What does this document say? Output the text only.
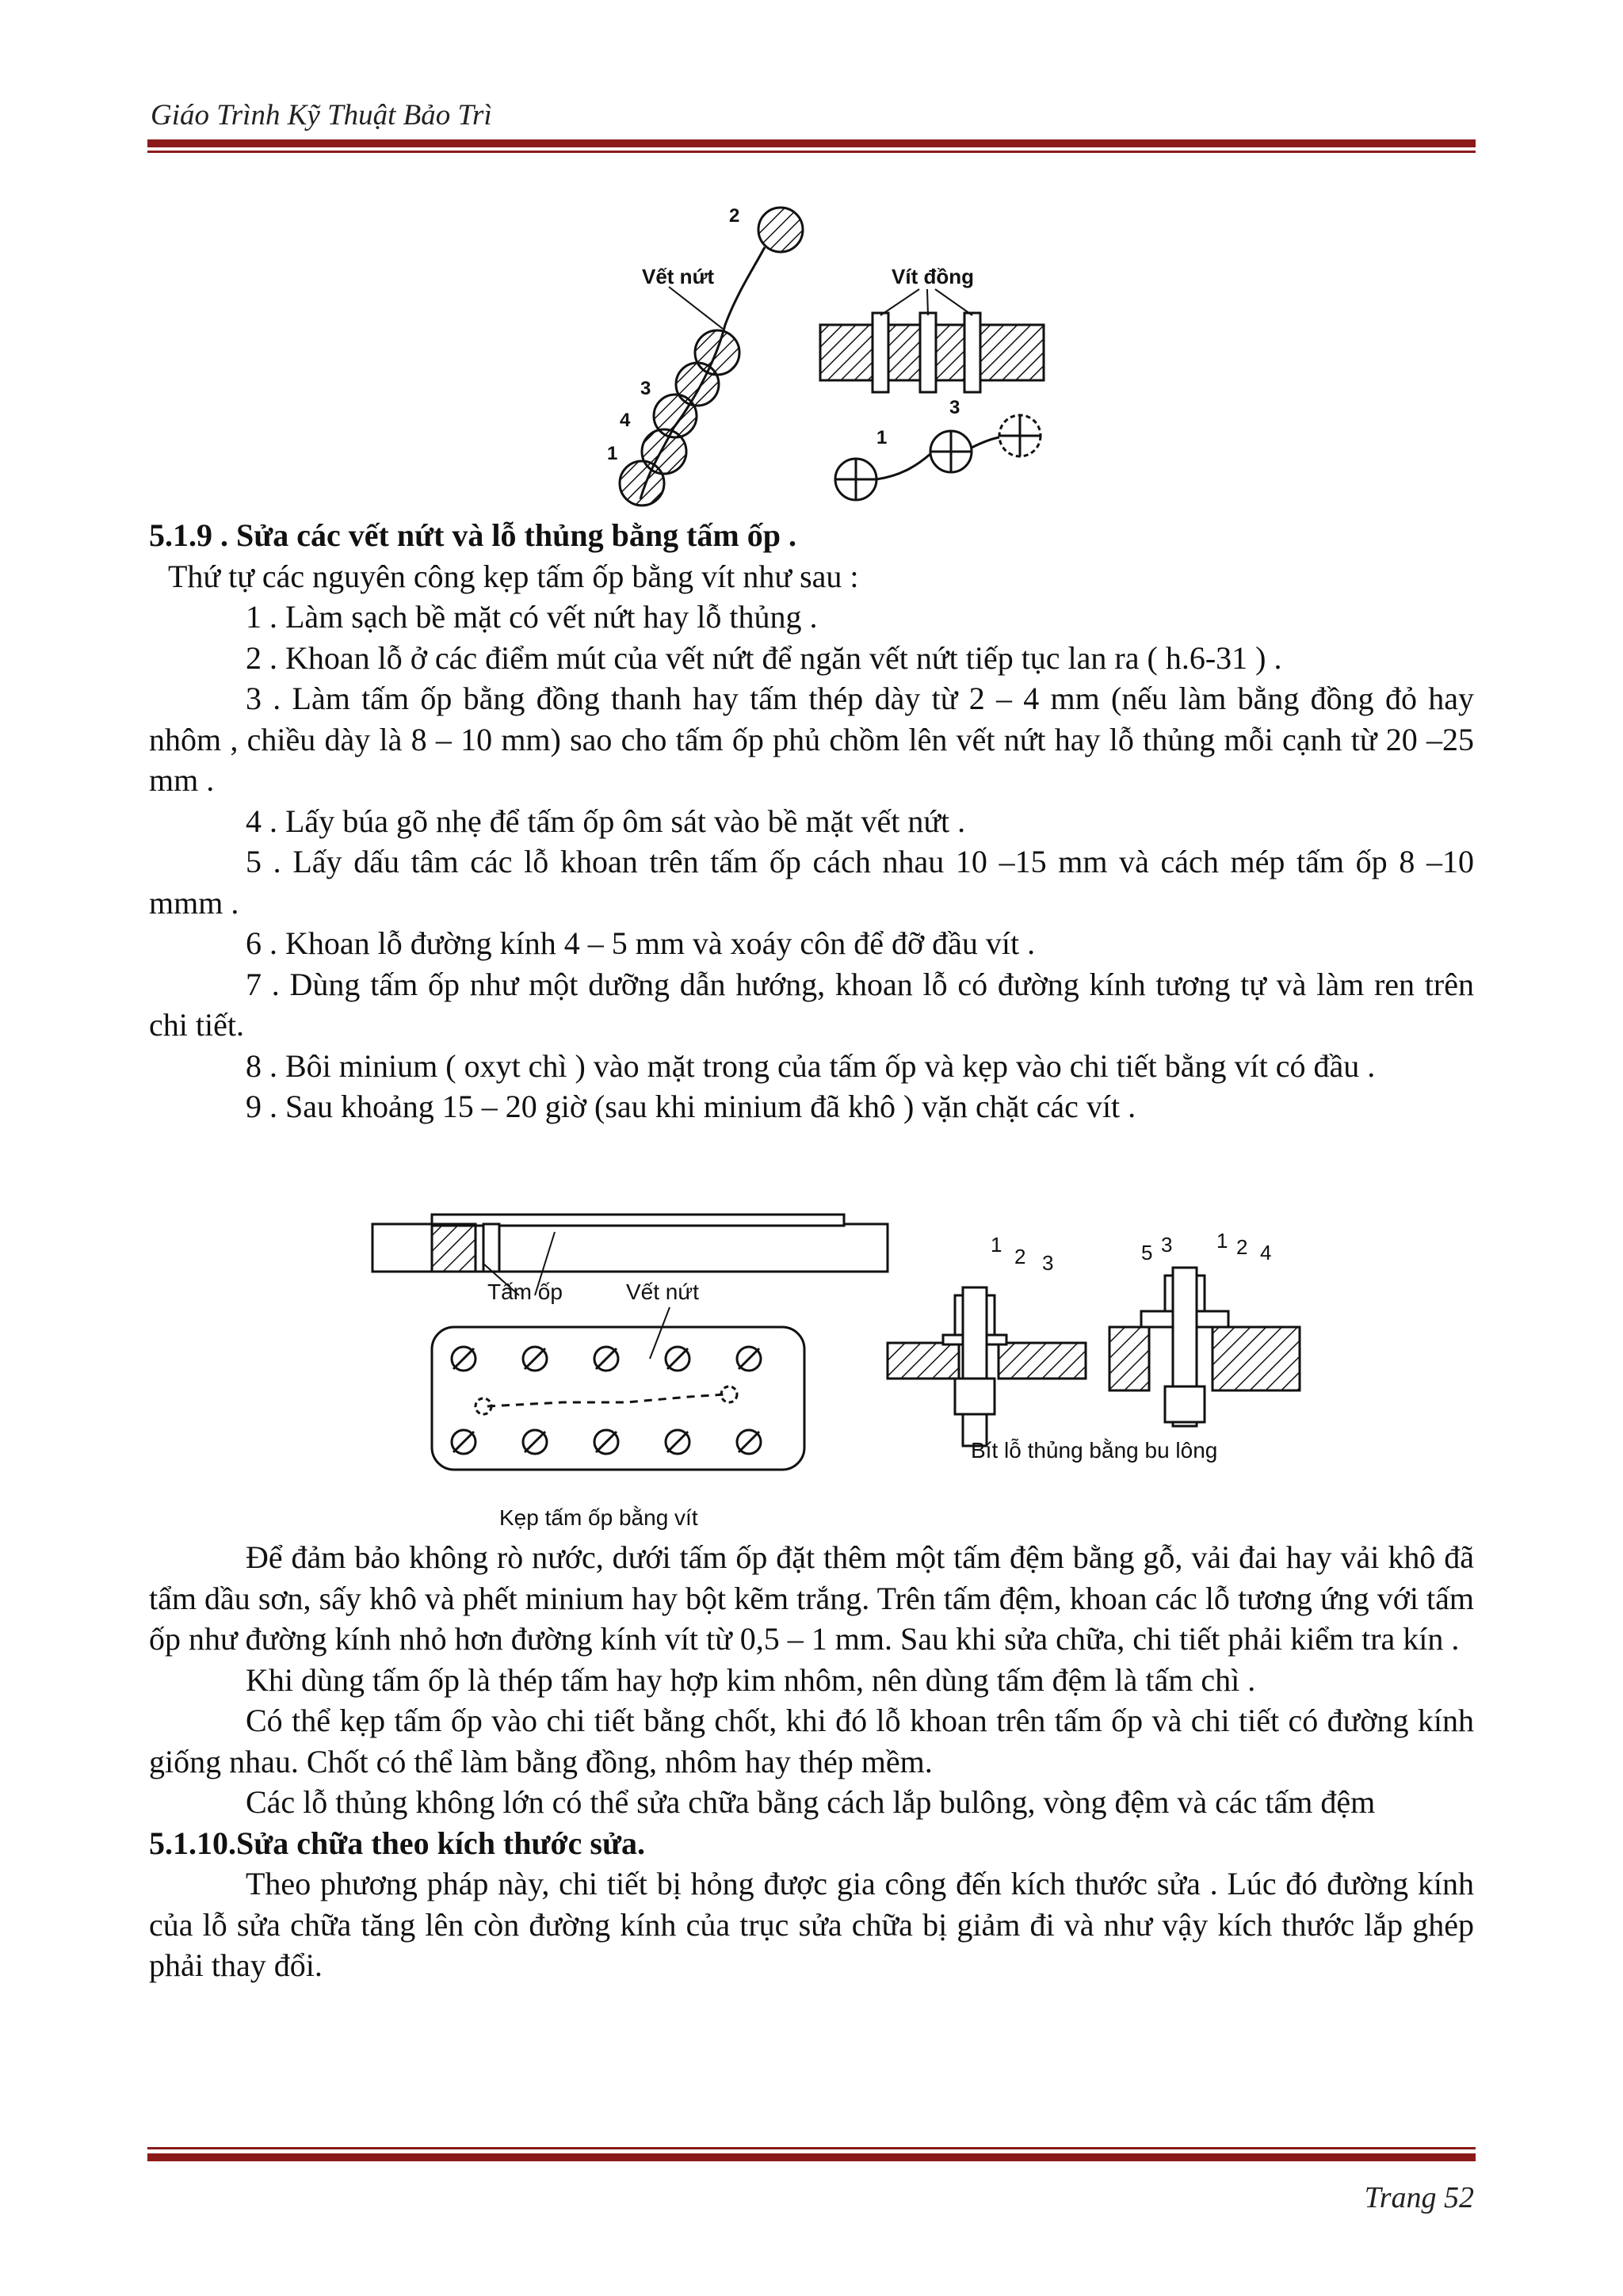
Giáo Trình Kỹ Thuật Bảo Trì
Vết nứt
2
3
4
1
Vít đồng
1
3

5.1.9 . Sửa các vết nứt và lỗ thủng bằng tấm ốp .

Thứ tự các nguyên công kẹp tấm ốp bằng vít như sau :

1 . Làm sạch bề mặt có vết nứt hay lỗ thủng .

2 . Khoan lỗ ở các điểm mút của vết nứt để ngăn vết nứt tiếp tục lan ra ( h.6-31 ) .

3 . Làm tấm ốp bằng đồng thanh hay tấm thép dày từ 2 – 4 mm (nếu làm bằng đồng đỏ hay nhôm , chiều dày là 8 – 10 mm) sao cho tấm ốp phủ chồm lên vết nứt hay lỗ thủng mỗi cạnh từ 20 –25 mm .

4 . Lấy búa gõ nhẹ để tấm ốp ôm sát vào bề mặt vết nứt .

5 . Lấy dấu tâm các lỗ khoan trên tấm ốp cách nhau 10 –15 mm và cách mép tấm ốp 8 –10 mmm .

6 . Khoan lỗ đường kính 4 – 5 mm và xoáy côn để đỡ đầu vít .

7 . Dùng tấm ốp như một dưỡng dẫn hướng, khoan lỗ có đường kính tương tự và làm ren trên chi tiết.

8 . Bôi minium ( oxyt chì ) vào mặt trong của tấm ốp và kẹp vào chi tiết bằng vít có đầu .

9 . Sau khoảng 15 – 20 giờ (sau khi minium đã khô ) vặn chặt các vít .

Tấm ốp	Vết nứt
Kẹp tấm ốp bằng vít
1 2 3	5 3 1 2 4
Bít lỗ thủng bằng bu lông

Để đảm bảo không rò nước, dưới tấm ốp đặt thêm một tấm đệm bằng gỗ, vải đai hay vải khô đã tẩm dầu sơn, sấy khô và phết minium hay bột kẽm trắng. Trên tấm đệm, khoan các lỗ tương ứng với tấm ốp như đường kính nhỏ hơn đường kính vít từ 0,5 – 1 mm. Sau khi sửa chữa, chi tiết phải kiểm tra kín .

Khi dùng tấm ốp là thép tấm hay hợp kim nhôm, nên dùng tấm đệm là tấm chì .

Có thể kẹp tấm ốp vào chi tiết bằng chốt, khi đó lỗ khoan trên tấm ốp và chi tiết có đường kính giống nhau. Chốt có thể làm bằng đồng, nhôm hay thép mềm.

Các lỗ thủng không lớn có thể sửa chữa bằng cách lắp bulông, vòng đệm và các tấm đệm

5.1.10.Sửa chữa theo kích thước sửa.

Theo phương pháp này, chi tiết bị hỏng được gia công đến kích thước sửa . Lúc đó đường kính của lỗ sửa chữa tăng lên còn đường kính của trục sửa chữa bị giảm đi và như vậy kích thước lắp ghép phải thay đổi.

Trang 52
